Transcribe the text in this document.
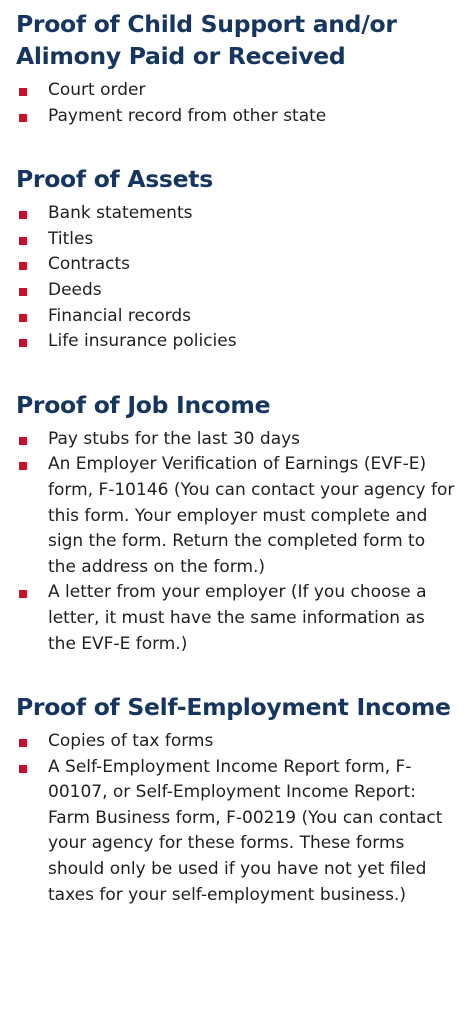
Proof of Child Support and/or Alimony Paid or Received
Court order
Payment record from other state
Proof of Assets
Bank statements
Titles
Contracts
Deeds
Financial records
Life insurance policies
Proof of Job Income
Pay stubs for the last 30 days
An Employer Verification of Earnings (EVF-E) form, F-10146 (You can contact your agency for this form. Your employer must complete and sign the form. Return the completed form to the address on the form.)
A letter from your employer (If you choose a letter, it must have the same information as the EVF-E form.)
Proof of Self-Employment Income
Copies of tax forms
A Self-Employment Income Report form, F-00107, or Self-Employment Income Report: Farm Business form, F-00219 (You can contact your agency for these forms. These forms should only be used if you have not yet filed taxes for your self-employment business.)
